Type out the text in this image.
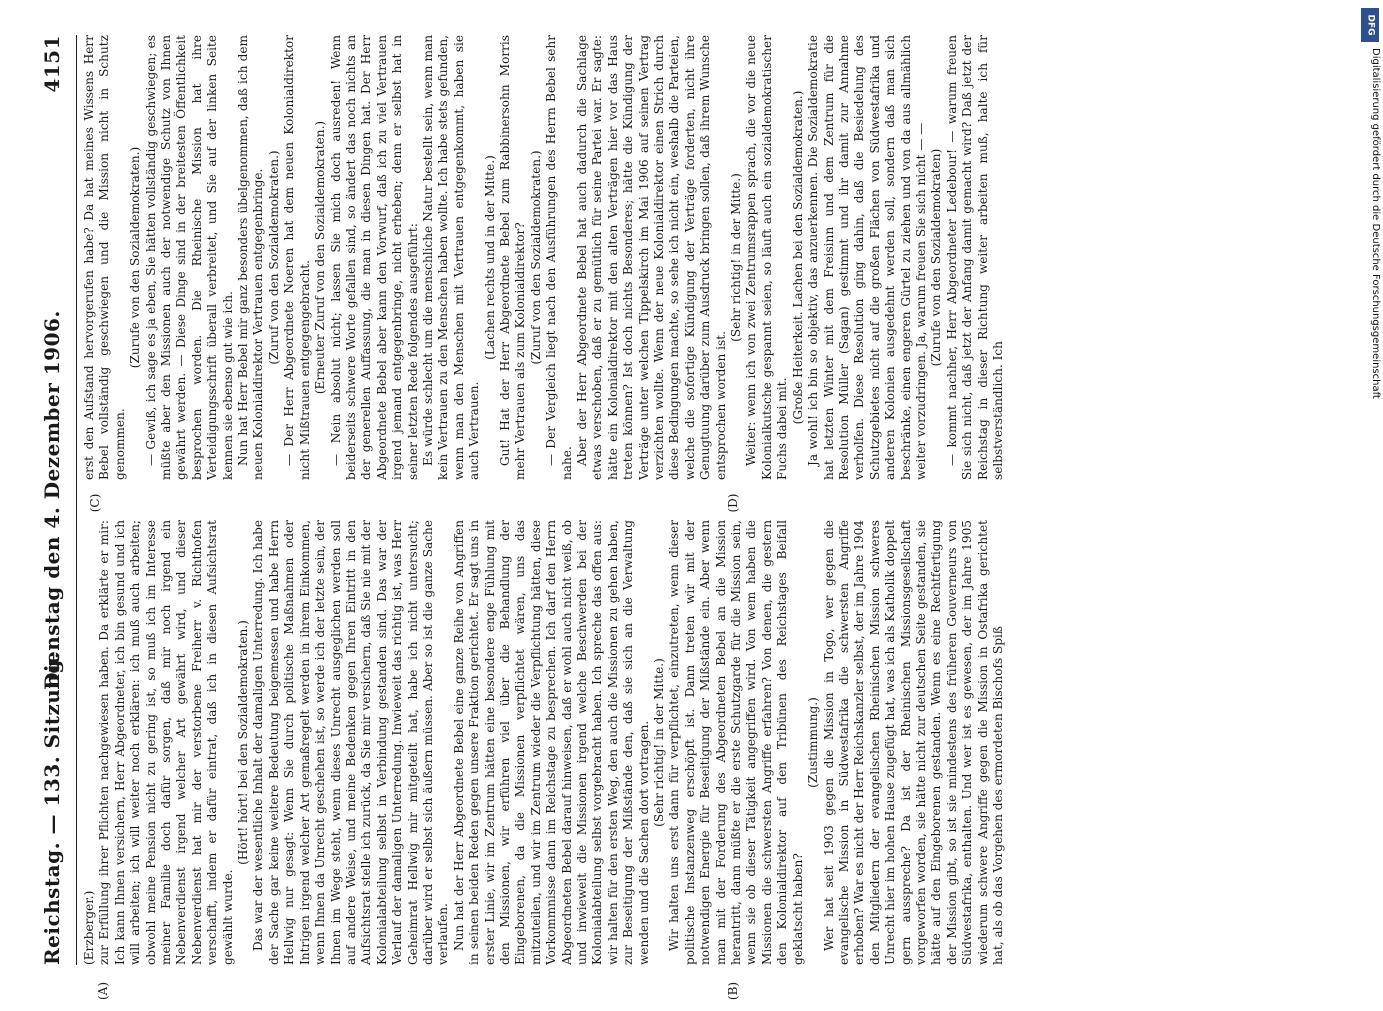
Reichstag. — 133. Sitzung.
Dienstag den 4. Dezember 1906.
4151
(A)	(B)
(C)	(D)

(Erzberger.) zur Erfüllung ihrer Pflichten nachgewiesen haben. Da erklärte er mir: Ich kann Ihnen versichern, Herr Abgeordneter, ich bin gesund und ich will arbeiten; ich will weiter noch erklären: ich muß auch arbeiten; obwohl meine Pension nicht zu gering ist, so muß ich im Interesse meiner Familie doch dafür sorgen, daß mir noch irgend ein Nebenverdienst irgend welcher Art gewährt wird, und dieser Nebenverdienst hat mir der verstorbene Freiherr v. Richthofen verschafft, indem er dafür eintrat, daß ich in diesen Aufsichtsrat gewählt wurde.

(Hört! hört! bei den Sozialdemokraten.) Das war der wesentliche Inhalt der damaligen Unterredung. Ich habe der Sache gar keine weitere Bedeutung beigemessen und habe Herrn Hellwig nur gesagt: Wenn Sie durch politische Maßnahmen oder Intrigen irgend welcher Art gemaßregelt werden in ihrem Einkommen, wenn Ihnen da Unrecht geschehen ist, so werde ich der letzte sein, der Ihnen im Wege steht, wenn dieses Unrecht ausgeglichen werden soll auf andere Weise, und meine Bedenken gegen Ihren Eintritt in den Aufsichtsrat stelle ich zurück, da Sie mir versichern, daß Sie nie mit der Kolonialabteilung selbst in Verbindung gestanden sind. Das war der Verlauf der damaligen Unterredung. Inwieweit das richtig ist, was Herr Geheimrat Hellwig mir mitgeteilt hat, habe ich nicht untersucht; darüber wird er selbst sich äußern müssen. Aber so ist die ganze Sache verlaufen. Nun hat der Herr Abgeordnete Bebel eine ganze Reihe von Angriffen in seinen beiden Reden gegen unsere Fraktion gerichtet. Er sagt uns in erster Linie, wir im Zentrum hätten eine besondere enge Fühlung mit den Missionen, wir erführen viel über die Behandlung der Eingeborenen, da die Missionen verpflichtet wären, uns das mitzuteilen, und wir im Zentrum wieder die Verpflichtung hätten, diese Vorkommnisse dann im Reichstage zu besprechen. Ich darf den Herrn Abgeordneten Bebel darauf hinweisen, daß er wohl auch nicht weiß, ob und inwieweit die Missionen irgend welche Beschwerden bei der Kolonialabteilung selbst vorgebracht haben. Ich spreche das offen aus: wir halten für den ersten Weg, den auch die Missionen zu gehen haben, zur Beseitigung der Mißstände den, daß sie sich an die Verwaltung wenden und die Sachen dort vortragen. (Sehr richtig! in der Mitte.) Wir halten uns erst dann für verpflichtet, einzutreten, wenn dieser politische Instanzenweg erschöpft ist. Dann treten wir mit der notwendigen Energie für Beseitigung der Mißstände ein. Aber wenn man mit der Forderung des Abgeordneten Bebel an die Mission herantritt, dann müßte er die erste Schutzgarde für die Mission sein, wenn sie ob dieser Tätigkeit angegriffen wird. Von wem haben die Missionen die schwersten Angriffe erfahren? Von denen, die gestern den Kolonialdirektor auf den Tribünen des Reichstages Beifall geklatscht haben?

(Zustimmung.) Wer hat seit 1903 gegen die Mission in Togo, wer gegen die evangelische Mission in Südwestafrika die schwersten Angriffe erhoben? War es nicht der Herr Reichskanzler selbst, der im Jahre 1904 den Mitgliedern der evangelischen Rheinischen Mission schweres Unrecht hier im hohen Hause zugefügt hat, was ich als Katholik doppelt gern ausspreche? Da ist der Rheinischen Missionsgesellschaft vorgeworfen worden, sie hätte nicht zur deutschen Seite gestanden, sie hätte auf den Eingeborenen gestanden. Wenn es eine Rechtfertigung der Mission gibt, so ist sie mindestens des früheren Gouverneurs von Südwestafrika, enthalten. Und wer ist es gewesen, der im Jahre 1905 wiederum schwere Angriffe gegen die Mission in Ostafrika gerichtet hat, als ob das Vorgehen des ermordeten Bischofs Spiß

erst den Aufstand hervorgerufen habe? Da hat meines Wissens Herr Bebel vollständig geschwiegen und die Mission nicht in Schutz genommen.

(Zurufe von den Sozialdemokraten.) — Gewiß, ich sage es ja eben, Sie hätten vollständig geschwiegen; es müßte aber den Missionen auch der notwendige Schutz von Ihnen gewährt werden. — Diese Dinge sind in der breitesten Öffentlichkeit besprochen worden. Die Rheinische Mission hat ihre Verteidigungsschrift überall verbreitet, und Sie auf der linken Seite kennen sie ebenso gut wie ich. Nun hat Herr Bebel mir ganz besonders übelgenommen, daß ich dem neuen Kolonialdirektor Vertrauen entgegenbringe. (Zuruf von den Sozialdemokraten.) — Der Herr Abgeordnete Noeren hat dem neuen Kolonialdirektor nicht Mißtrauen entgegengebracht. (Erneuter Zuruf von den Sozialdemokraten.) — Nein absolut nicht; lassen Sie mich doch ausreden! Wenn beiderseits schwere Worte gefallen sind, so ändert das noch nichts an der generellen Auffassung, die man in diesen Dingen hat. Der Herr Abgeordnete Bebel aber kann den Vorwurf, daß ich zu viel Vertrauen irgend jemand entgegenbringe, nicht erheben; denn er selbst hat in seiner letzten Rede folgendes ausgeführt: Es würde schlecht um die menschliche Natur bestellt sein, wenn man kein Vertrauen zu den Menschen haben wollte. Ich habe stets gefunden, wenn man den Menschen mit Vertrauen entgegenkommt, haben sie auch Vertrauen.

(Lachen rechts und in der Mitte.) Gut! Hat der Herr Abgeordnete Bebel zum Rabbinersohn Morris mehr Vertrauen als zum Kolonialdirektor? (Zuruf von den Sozialdemokraten.) — Der Vergleich liegt nach den Ausführungen des Herrn Bebel sehr nahe. Aber der Herr Abgeordnete Bebel hat auch dadurch die Sachlage etwas verschoben, daß er zu gemütlich für seine Partei war. Er sagte: hätte ein Kolonialdirektor mit den alten Verträgen hier vor das Haus treten können? Ist doch nichts Besonderes; hätte die Kündigung der Verträge unter welchen Tippelskirch im Mai 1906 auf seinen Vertrag verzichten wollte. Wenn der neue Kolonialdirektor einen Strich durch diese Bedingungen machte, so sehe ich nicht ein, weshalb die Parteien, welche die sofortige Kündigung der Verträge forderten, nicht ihre Genugtuung darüber zum Ausdruck bringen sollen, daß ihrem Wunsche entsprochen worden ist.

(Sehr richtig! in der Mitte.) Weiter: wenn ich von zwei Zentrumsrappen sprach, die vor die neue Kolonialkutsche gespannt seien, so läuft auch ein sozialdemokratischer Fuchs dabei mit.

(Große Heiterkeit. Lachen bei den Sozialdemokraten.) Ja wohl! ich bin so objektiv, das anzuerkennen. Die Sozialdemokratie hat letzten Winter mit dem Freisinn und dem Zentrum für die Resolution Müller (Sagan) gestimmt und ihr damit zur Annahme verholfen. Diese Resolution ging dahin, daß die Besiedelung des Schutzgebietes nicht auf die großen Flächen von Südwestafrika und anderen Kolonien ausgedehnt werden soll, sondern daß man sich beschränke, einen engeren Gürtel zu ziehen und von da aus allmählich weiter vorzudringen. Ja, warum freuen Sie sich nicht — — (Zurufe von den Sozialdemokraten) — kommt nachher, Herr Abgeordneter Ledebour! — warum freuen Sie sich nicht, daß jetzt der Anfang damit gemacht wird? Daß jetzt der Reichstag in dieser Richtung weiter arbeiten muß, halte ich für selbstverständlich. Ich

DFG
Digitalisierung gefördert durch die Deutsche Forschungsgemeinschaft
